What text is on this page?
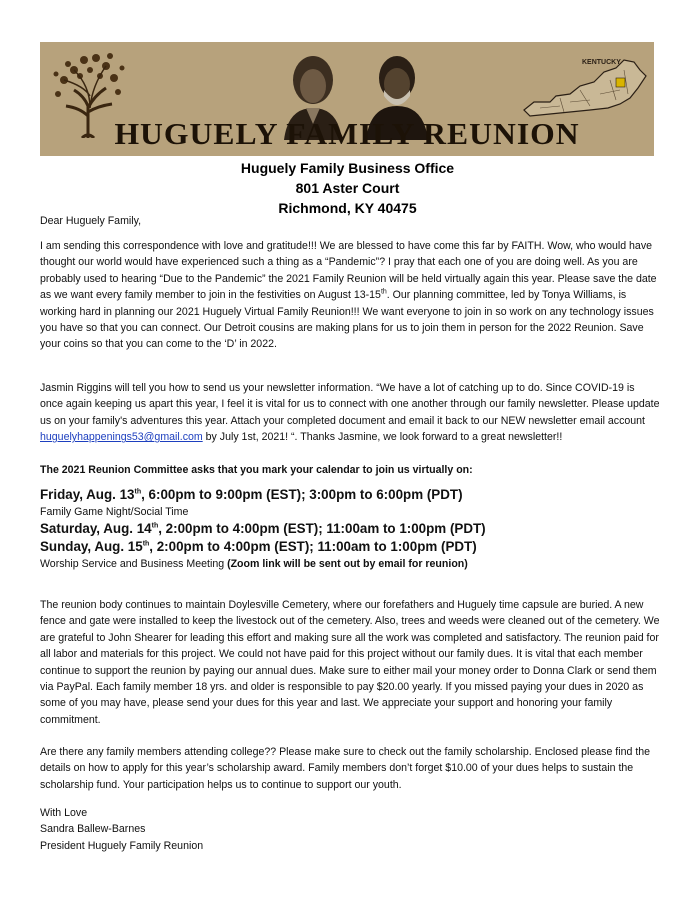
KENTUCKY
HUGUELY FAMILY REUNION
Huguely Family Business Office
801 Aster Court
Richmond, KY 40475
Dear Huguely Family,
I am sending this correspondence with love and gratitude!!! We are blessed to have come this far by FAITH. Wow, who would have thought our world would have experienced such a thing as a “Pandemic”? I pray that each one of you are doing well. As you are probably used to hearing “Due to the Pandemic” the 2021 Family Reunion will be held virtually again this year. Please save the date as we want every family member to join in the festivities on August 13-15th. Our planning committee, led by Tonya Williams, is working hard in planning our 2021 Huguely Virtual Family Reunion!!! We want everyone to join in so work on any technology issues you have so that you can connect. Our Detroit cousins are making plans for us to join them in person for the 2022 Reunion. Save your coins so that you can come to the ‘D’ in 2022.
Jasmin Riggins will tell you how to send us your newsletter information. “We have a lot of catching up to do. Since COVID-19 is once again keeping us apart this year, I feel it is vital for us to connect with one another through our family newsletter. Please update us on your family's adventures this year. Attach your completed document and email it back to our NEW newsletter email account huguelyhappenings53@gmail.com by July 1st, 2021! “. Thanks Jasmine, we look forward to a great newsletter!!
The 2021 Reunion Committee asks that you mark your calendar to join us virtually on:
Friday, Aug. 13th, 6:00pm to 9:00pm (EST); 3:00pm to 6:00pm (PDT)
Family Game Night/Social Time
Saturday, Aug. 14th, 2:00pm to 4:00pm (EST); 11:00am to 1:00pm (PDT)
Sunday, Aug. 15th, 2:00pm to 4:00pm (EST); 11:00am to 1:00pm (PDT)
Worship Service and Business Meeting (Zoom link will be sent out by email for reunion)
The reunion body continues to maintain Doylesville Cemetery, where our forefathers and Huguely time capsule are buried. A new fence and gate were installed to keep the livestock out of the cemetery. Also, trees and weeds were cleaned out of the cemetery. We are grateful to John Shearer for leading this effort and making sure all the work was completed and satisfactory. The reunion paid for all labor and materials for this project. We could not have paid for this project without our family dues. It is vital that each member continue to support the reunion by paying our annual dues. Make sure to either mail your money order to Donna Clark or send them via PayPal. Each family member 18 yrs. and older is responsible to pay $20.00 yearly. If you missed paying your dues in 2020 as some of you may have, please send your dues for this year and last. We appreciate your support and honoring your family commitment.
Are there any family members attending college?? Please make sure to check out the family scholarship. Enclosed please find the details on how to apply for this year’s scholarship award. Family members don’t forget $10.00 of your dues helps to sustain the scholarship fund. Your participation helps us to continue to support our youth.
With Love
Sandra Ballew-Barnes
President Huguely Family Reunion
